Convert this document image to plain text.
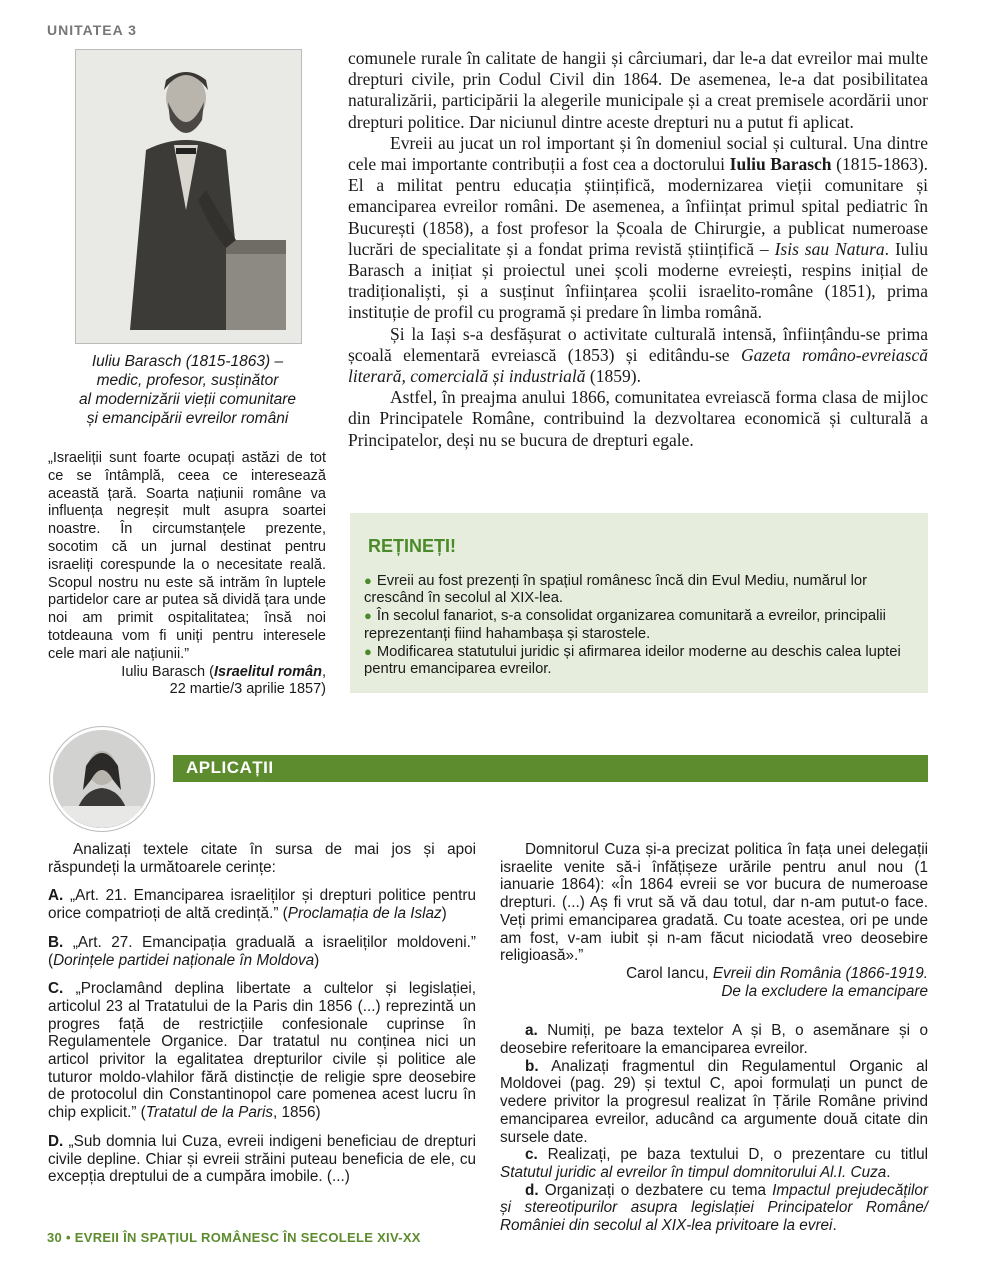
UNITATEA 3
Iuliu Barasch (1815-1863) –
medic, profesor, susținător
al modernizării vieții comunitare
și emancipării evreilor români

„Israeliții sunt foarte ocupați astăzi de tot ce se întâmplă, ceea ce interesează această țară. Soarta națiunii române va influența negreșit mult asupra soartei noastre. În circumstanțele prezente, socotim că un jurnal destinat pentru israeliți corespunde la o necesitate reală. Scopul nostru nu este să intrăm în luptele partidelor care ar putea să dividă țara unde noi am primit ospitalitatea; însă noi totdeauna vom fi uniți pentru interesele cele mari ale națiunii.”

Iuliu Barasch (Israelitul român,

22 martie/3 aprilie 1857)

comunele rurale în calitate de hangii și cârciumari, dar le-a dat evreilor mai multe drepturi civile, prin Codul Civil din 1864. De asemenea, le-a dat posibilitatea naturalizării, participării la alegerile municipale și a creat premisele acordării unor drepturi politice. Dar niciunul dintre aceste drepturi nu a putut fi aplicat.

Evreii au jucat un rol important și în domeniul social și cultural. Una dintre cele mai importante contribuții a fost cea a doctorului Iuliu Barasch (1815-1863). El a militat pentru educația științifică, modernizarea vieții comunitare și emanciparea evreilor români. De asemenea, a înființat primul spital pediatric în București (1858), a fost profesor la Școala de Chirurgie, a publicat numeroase lucrări de specialitate și a fondat prima revistă științifică – Isis sau Natura. Iuliu Barasch a inițiat și proiectul unei școli moderne evreiești, respins inițial de tradiționaliști, și a susținut înființarea școlii israelito-române (1851), prima instituție de profil cu programă și predare în limba română.

Și la Iași s-a desfășurat o activitate culturală intensă, înființându-se prima școală elementară evreiască (1853) și editându-se Gazeta româno-evreiască literară, comercială și industrială (1859).

Astfel, în preajma anului 1866, comunitatea evreiască forma clasa de mijloc din Principatele Române, contribuind la dezvoltarea economică și culturală a Principatelor, deși nu se bucura de drepturi egale.

REȚINEȚI!
● Evreii au fost prezenți în spațiul românesc încă din Evul Mediu, numărul lor crescând în secolul al XIX-lea.
● În secolul fanariot, s-a consolidat organizarea comunitară a evreilor, principalii reprezentanți fiind hahambașa și starostele.
● Modificarea statutului juridic și afirmarea ideilor moderne au deschis calea luptei pentru emanciparea evreilor.
APLICAȚII

Analizați textele citate în sursa de mai jos și apoi răspundeți la următoarele cerințe:

A. „Art. 21. Emanciparea israeliților și drepturi politice pentru orice compatrioți de altă credință.” (Proclamația de la Islaz)

B. „Art. 27. Emancipația graduală a israeliților moldoveni.” (Dorințele partidei naționale în Moldova)

C. „Proclamând deplina libertate a cultelor și legislației, articolul 23 al Tratatului de la Paris din 1856 (...) reprezintă un progres față de restricțiile confesionale cuprinse în Regulamentele Organice. Dar tratatul nu conținea nici un articol privitor la egalitatea drepturilor civile și politice ale tuturor moldo-vlahilor fără distincție de religie spre deosebire de protocolul din Constantinopol care pomenea acest lucru în chip explicit.” (Tratatul de la Paris, 1856)

D. „Sub domnia lui Cuza, evreii indigeni beneficiau de drepturi civile depline. Chiar și evreii străini puteau beneficia de ele, cu excepția dreptului de a cumpăra imobile. (...)

Domnitorul Cuza și-a precizat politica în fața unei delegații israelite venite să-i înfățișeze urările pentru anul nou (1 ianuarie 1864): «În 1864 evreii se vor bucura de numeroase drepturi. (...) Aș fi vrut să vă dau totul, dar n-am putut-o face. Veți primi emanciparea gradată. Cu toate acestea, ori pe unde am fost, v-am iubit și n-am făcut niciodată vreo deosebire religioasă».”

Carol Iancu, Evreii din România (1866-1919.

De la excludere la emancipare

a. Numiți, pe baza textelor A și B, o asemănare și o deosebire referitoare la emanciparea evreilor.

b. Analizați fragmentul din Regulamentul Organic al Moldovei (pag. 29) și textul C, apoi formulați un punct de vedere privitor la progresul realizat în Țările Române privind emanciparea evreilor, aducând ca argumente două citate din sursele date.

c. Realizați, pe baza textului D, o prezentare cu titlul Statutul juridic al evreilor în timpul domnitorului Al.I. Cuza.

d. Organizați o dezbatere cu tema Impactul prejudecăților și stereotipurilor asupra legislației Principatelor Române/ României din secolul al XIX-lea privitoare la evrei.

30 • EVREII ÎN SPAȚIUL ROMÂNESC ÎN SECOLELE XIV-XX
